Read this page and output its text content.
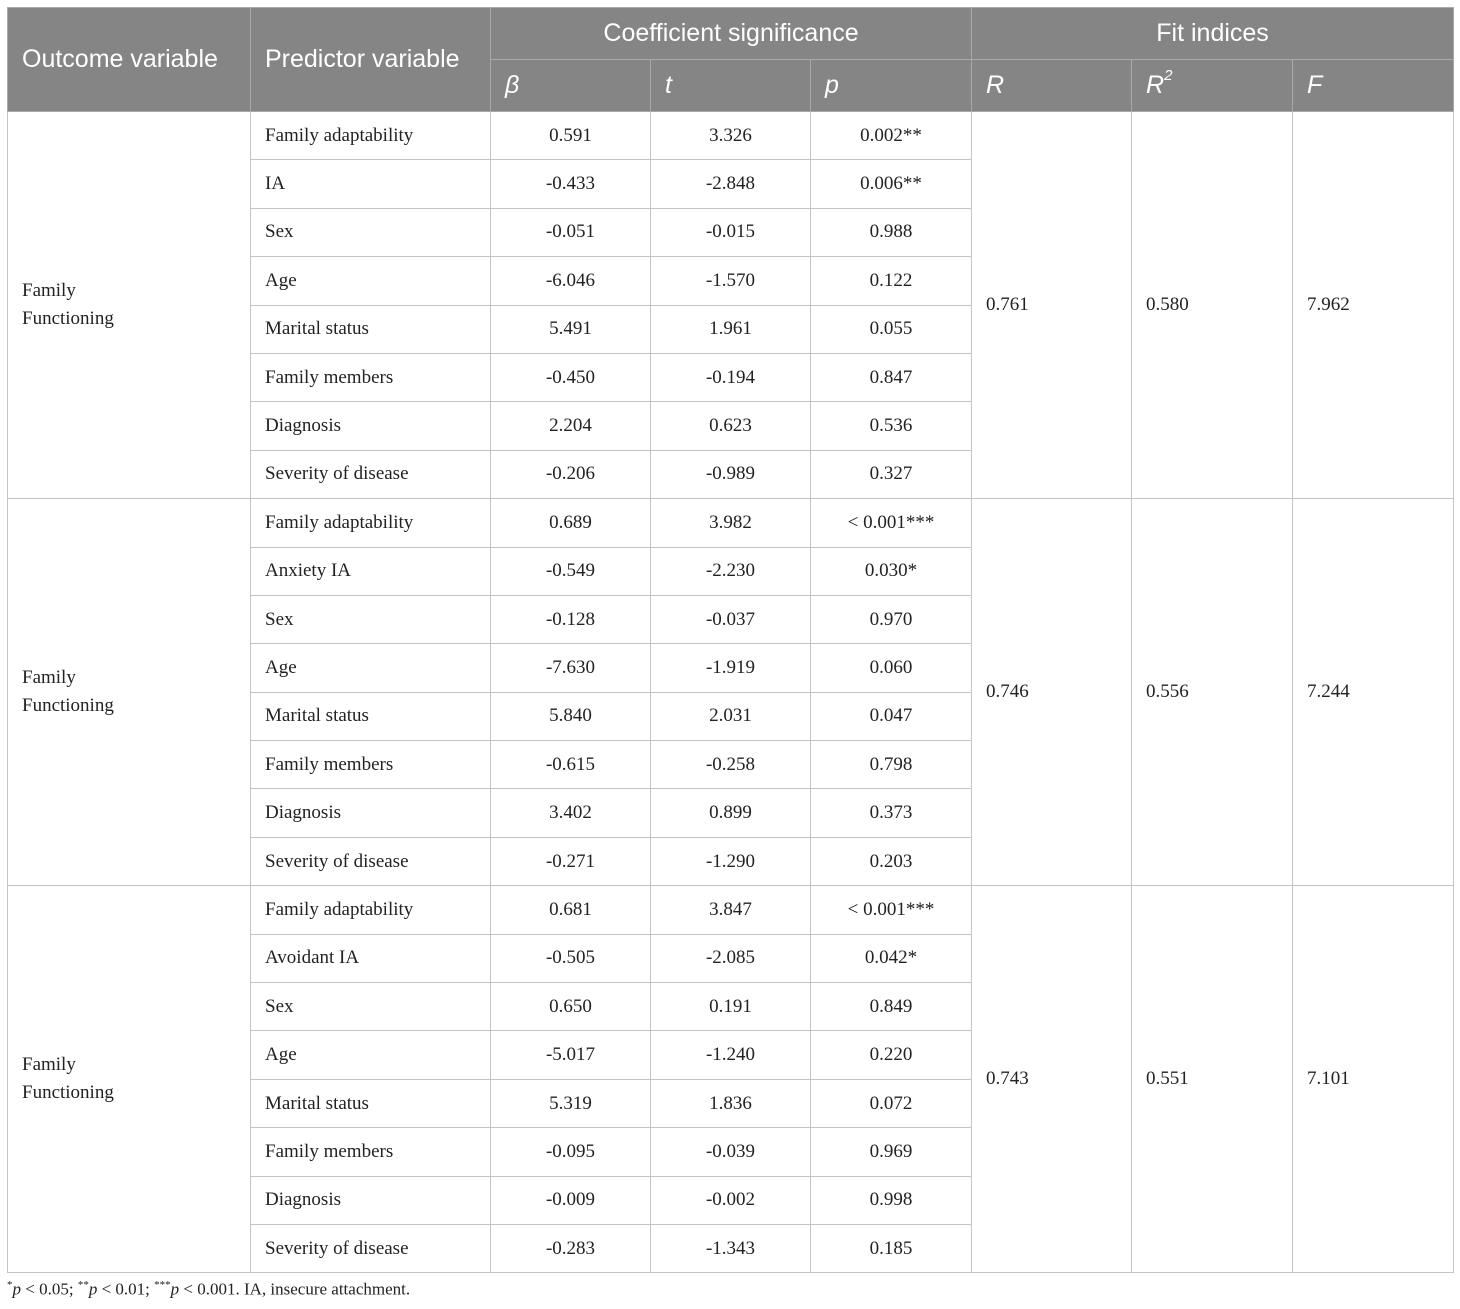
Outcome variable	Predictor variable	Coefficient significance			Fit indices		
		β	t	p	R	$R^2$	F
Family
Functioning	Family adaptability	0.591	3.326	0.002**	0.761	0.580	7.962
	IA	-0.433	-2.848	0.006**			
	Sex	-0.051	-0.015	0.988			
	Age	-6.046	-1.570	0.122			
	Marital status	5.491	1.961	0.055			
	Family members	-0.450	-0.194	0.847			
	Diagnosis	2.204	0.623	0.536			
	Severity of disease	-0.206	-0.989	0.327			
Family
Functioning	Family adaptability	0.689	3.982	< 0.001***	0.746	0.556	7.244
	Anxiety IA	-0.549	-2.230	0.030*			
	Sex	-0.128	-0.037	0.970			
	Age	-7.630	-1.919	0.060			
	Marital status	5.840	2.031	0.047			
	Family members	-0.615	-0.258	0.798			
	Diagnosis	3.402	0.899	0.373			
	Severity of disease	-0.271	-1.290	0.203			
Family
Functioning	Family adaptability	0.681	3.847	< 0.001***	0.743	0.551	7.101
	Avoidant IA	-0.505	-2.085	0.042*			
	Sex	0.650	0.191	0.849			
	Age	-5.017	-1.240	0.220			
	Marital status	5.319	1.836	0.072			
	Family members	-0.095	-0.039	0.969			
	Diagnosis	-0.009	-0.002	0.998			
	Severity of disease	-0.283	-1.343	0.185			
*p < 0.05; **p < 0.01; ***p < 0.001. IA, insecure attachment.
